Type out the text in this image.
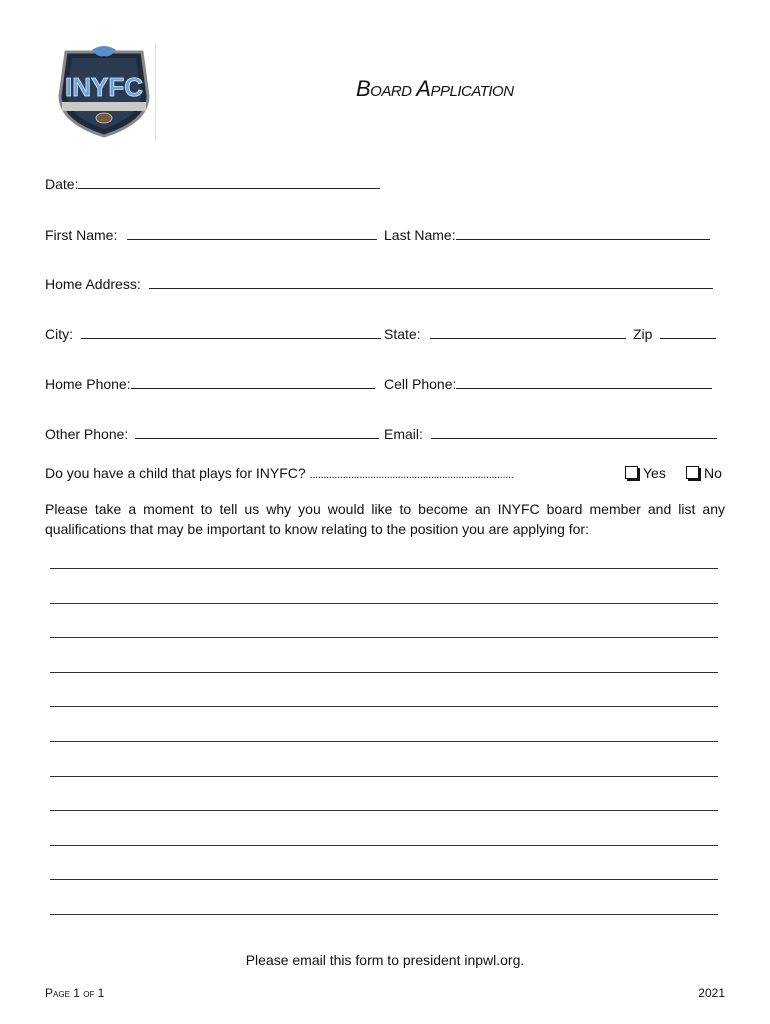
INYFC	Board Application
Date:
First Name:	Last Name:
Home Address:
City:	State:	Zip
Home Phone:	Cell Phone:
Other Phone:	Email:
Do you have a child that plays for INYFC? ..........................................................................	Yes	No
Please take a moment to tell us why you would like to become an INYFC board member and list any qualifications that may be important to know relating to the position you are applying for:
Please email this form to president inpwl.org.
Page 1 of 1	2021
